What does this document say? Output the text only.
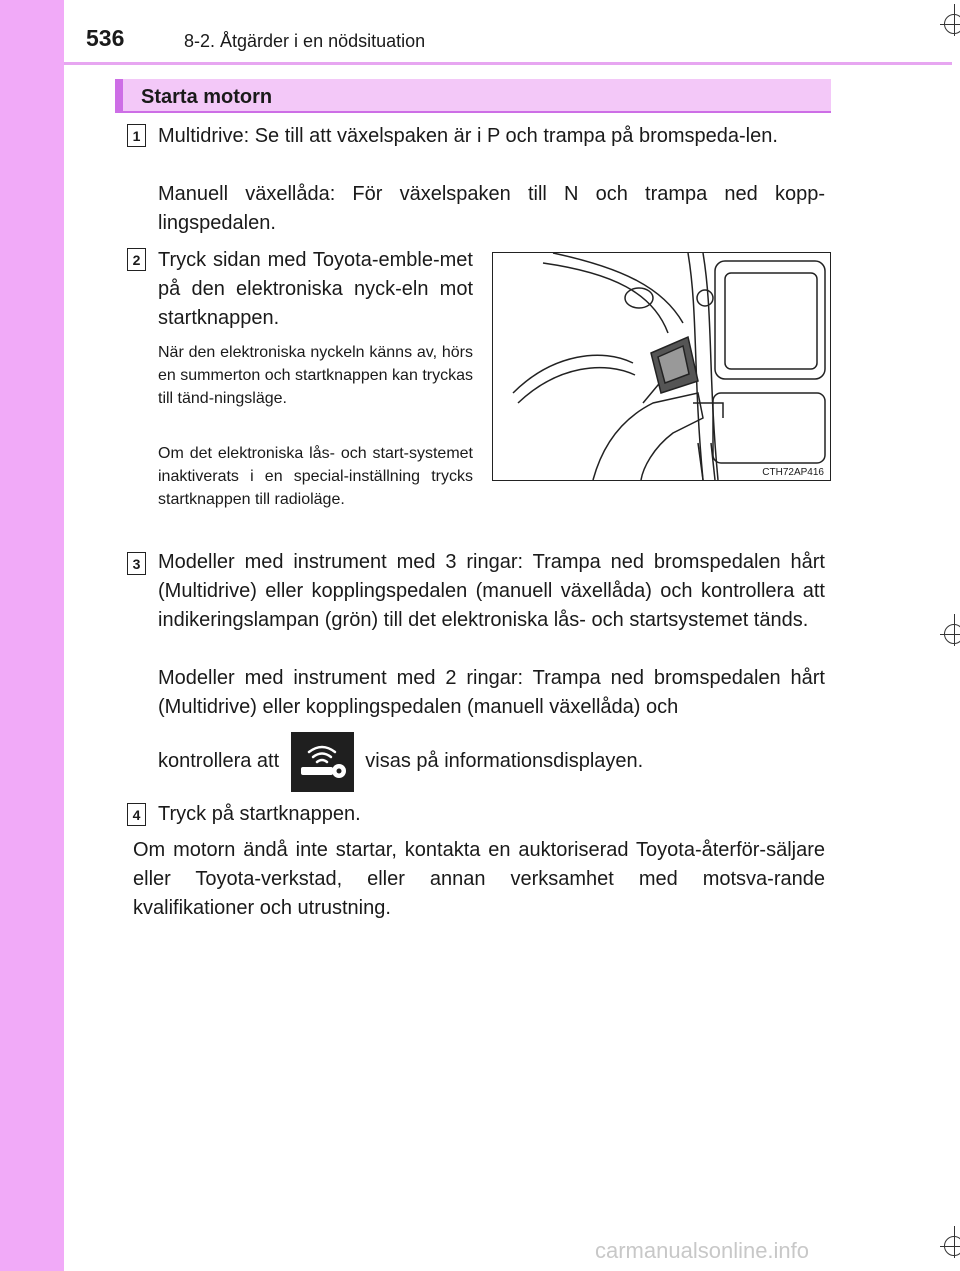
536	8-2. Åtgärder i en nödsituation
Starta motorn
1 Multidrive: Se till att växelspaken är i P och trampa på bromspeda-len.
Manuell växellåda: För växelspaken till N och trampa ned kopp-lingspedalen.
2 Tryck sidan med Toyota-emble-met på den elektroniska nyck-eln mot startknappen.
När den elektroniska nyckeln känns av, hörs en summerton och startknappen kan tryckas till tänd-ningsläge.
Om det elektroniska lås- och start-systemet inaktiverats i en special-inställning trycks startknappen till radioläge.
CTH72AP416
3 Modeller med instrument med 3 ringar: Trampa ned bromspedalen hårt (Multidrive) eller kopplingspedalen (manuell växellåda) och kontrollera att indikeringslampan (grön) till det elektroniska lås- och startsystemet tänds.
Modeller med instrument med 2 ringar: Trampa ned bromspedalen hårt (Multidrive) eller kopplingspedalen (manuell växellåda) och
kontrollera att	visas på informationsdisplayen.
4 Tryck på startknappen.
Om motorn ändå inte startar, kontakta en auktoriserad Toyota-återför-säljare eller Toyota-verkstad, eller annan verksamhet med motsva-rande kvalifikationer och utrustning.
carmanualsonline.info
